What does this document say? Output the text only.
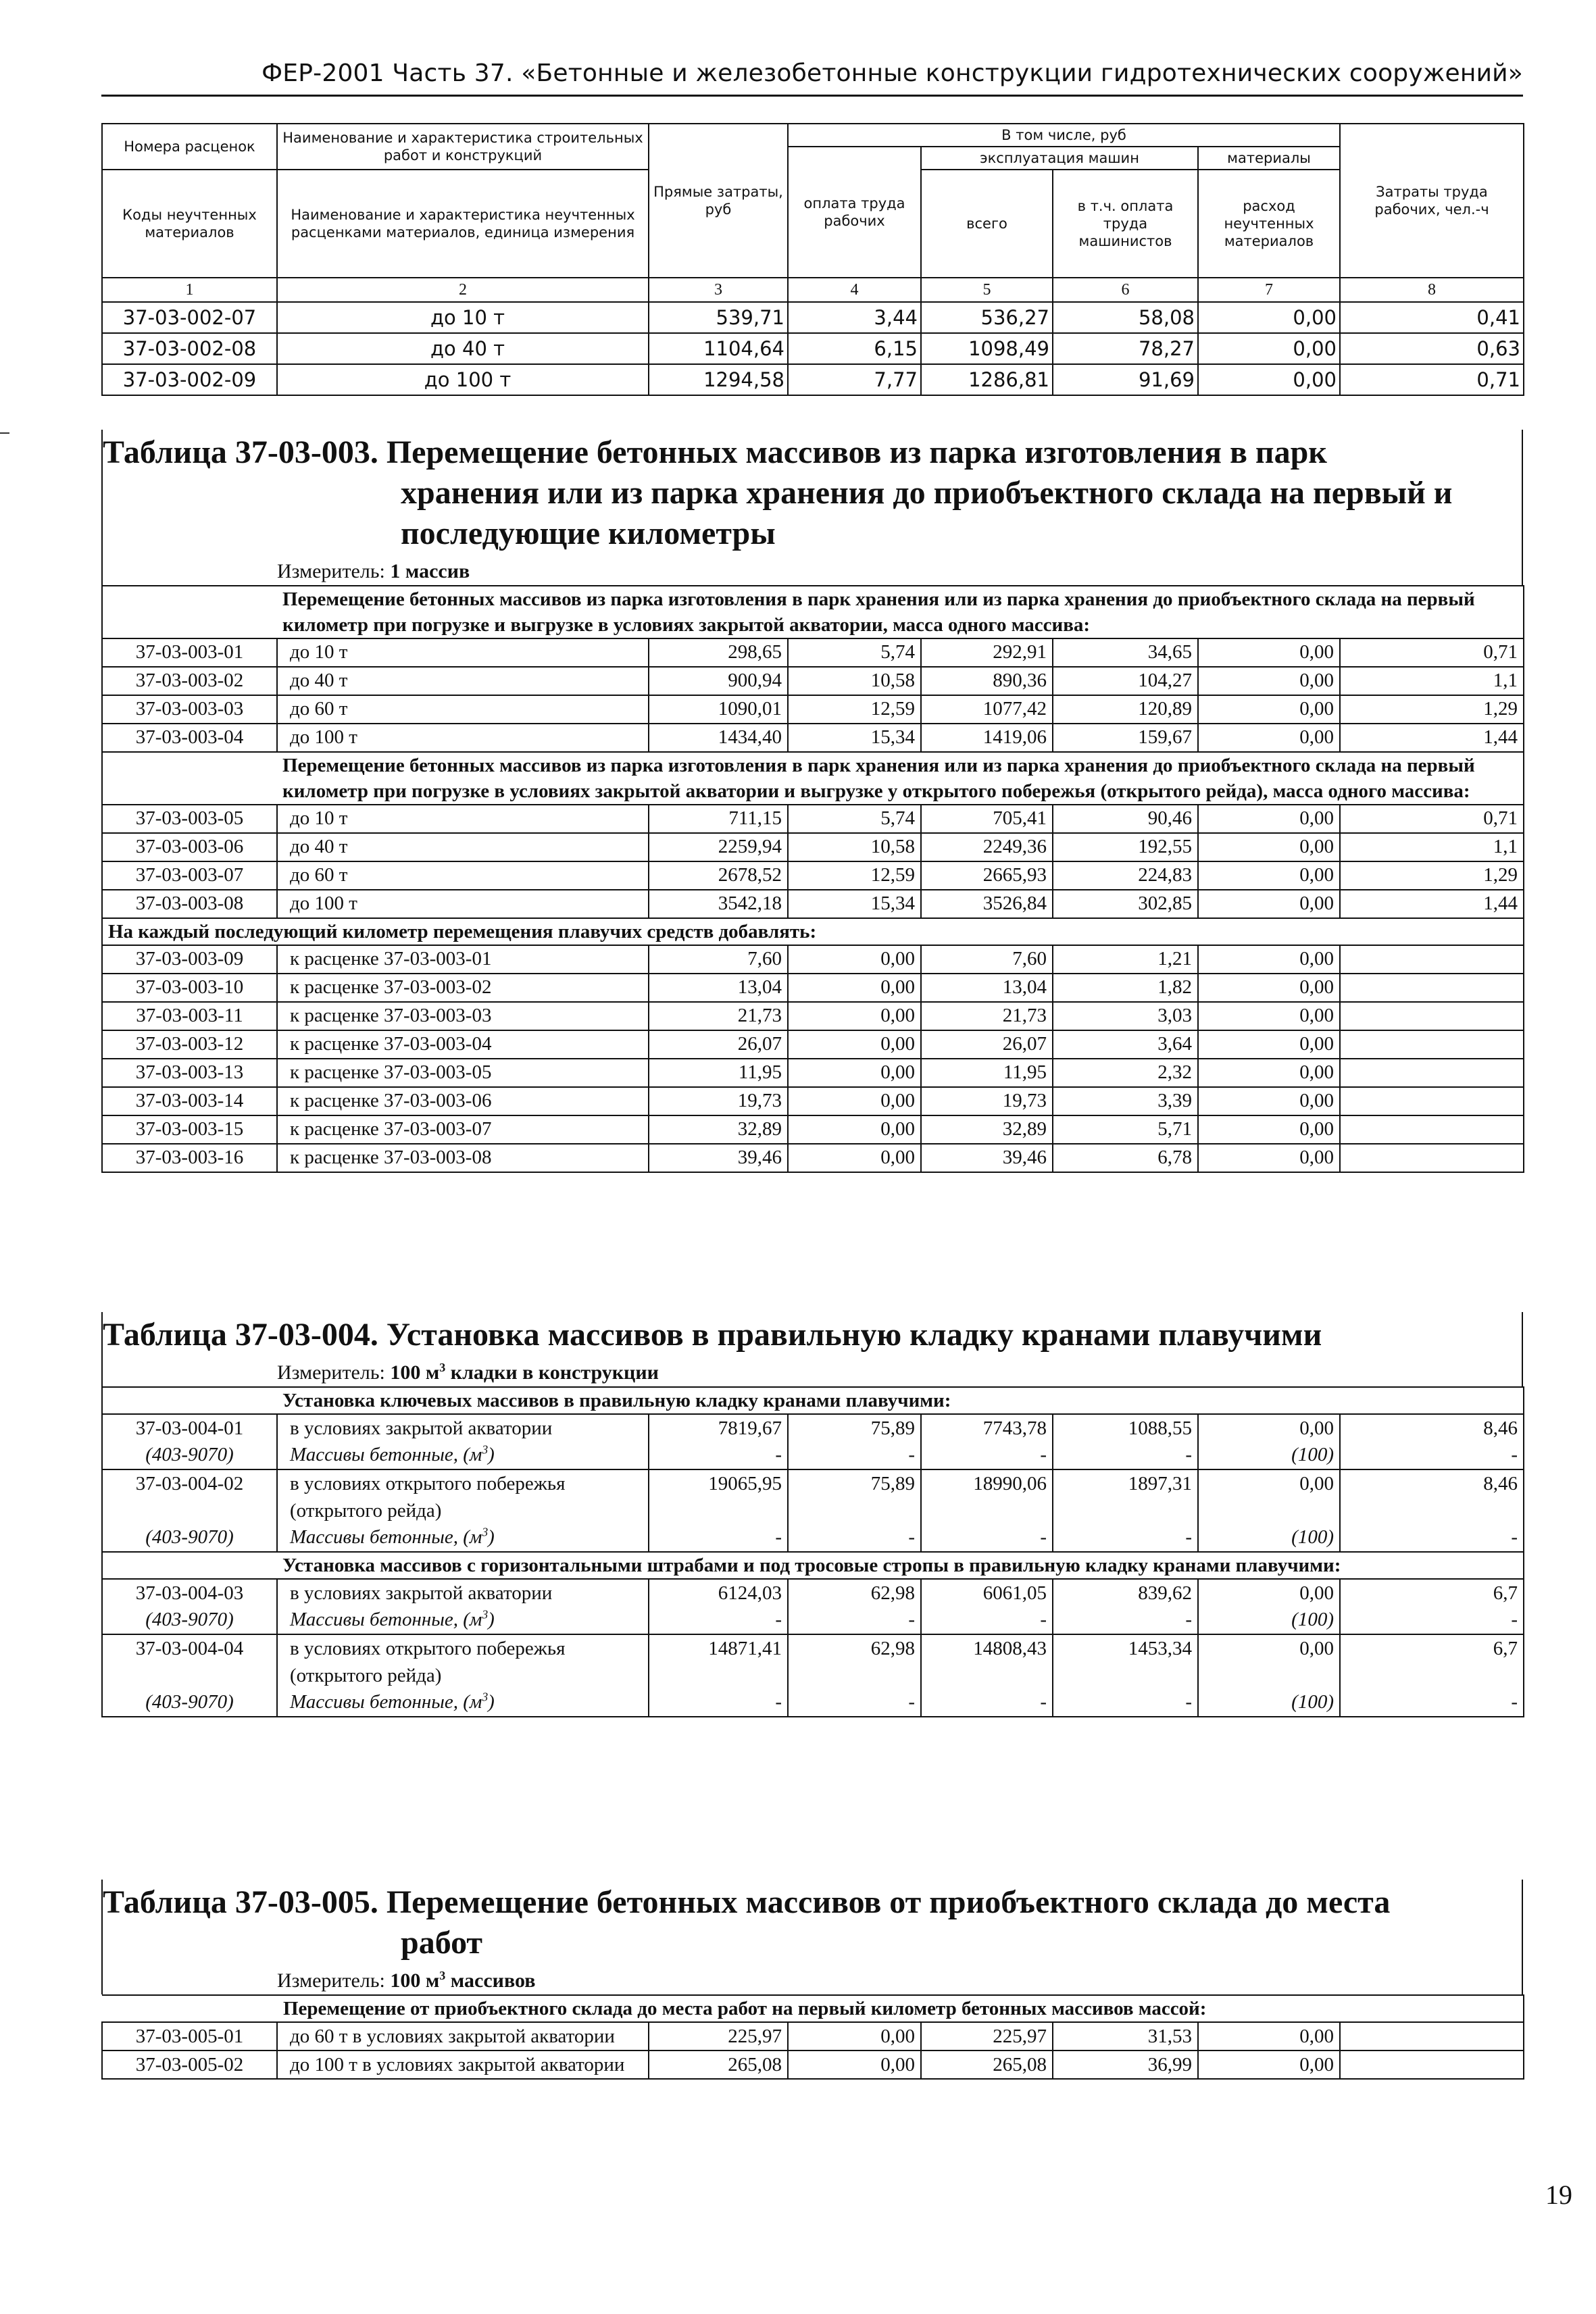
ФЕР-2001 Часть 37. «Бетонные и железобетонные конструкции гидротехнических сооружений»
Номера расценок	Наименование и характеристика строительных работ и конструкций	Прямые затраты, руб	В том числе, руб				Затраты труда рабочих, чел.-ч
			оплата труда рабочих	эксплуатация машин		материалы	
Коды неучтенных материалов	Наименование и характеристика неучтенных расценками материалов, единица измерения			всего	в т.ч. оплата труда машинистов	расход неучтенных материалов	

1	2	3	4	5	6	7	8
37-03-002-07	до 10 т	539,71	3,44	536,27	58,08	0,00	0,41
37-03-002-08	до 40 т	1104,64	6,15	1098,49	78,27	0,00	0,63
37-03-002-09	до 100 т	1294,58	7,77	1286,81	91,69	0,00	0,71

Таблица 37-03-003. Перемещение бетонных массивов из парка изготовления в парк

хранения или из парка хранения до приобъектного склада на первый и

последующие километры

Измеритель: 1 массив
	Перемещение бетонных массивов из парка изготовления в парк хранения или из парка хранения до приобъектного склада на первый километр при погрузке и выгрузке в условиях закрытой акватории, масса одного массива:						
37-03-003-01	до 10 т	298,65	5,74	292,91	34,65	0,00	0,71
37-03-003-02	до 40 т	900,94	10,58	890,36	104,27	0,00	1,1
37-03-003-03	до 60 т	1090,01	12,59	1077,42	120,89	0,00	1,29
37-03-003-04	до 100 т	1434,40	15,34	1419,06	159,67	0,00	1,44
	Перемещение бетонных массивов из парка изготовления в парк хранения или из парка хранения до приобъектного склада на первый километр при погрузке в условиях закрытой акватории и выгрузке у открытого побережья (открытого рейда), масса одного массива:						
37-03-003-05	до 10 т	711,15	5,74	705,41	90,46	0,00	0,71
37-03-003-06	до 40 т	2259,94	10,58	2249,36	192,55	0,00	1,1
37-03-003-07	до 60 т	2678,52	12,59	2665,93	224,83	0,00	1,29
37-03-003-08	до 100 т	3542,18	15,34	3526,84	302,85	0,00	1,44
На каждый последующий километр перемещения плавучих средств добавлять:							
37-03-003-09	к расценке 37-03-003-01	7,60	0,00	7,60	1,21	0,00	
37-03-003-10	к расценке 37-03-003-02	13,04	0,00	13,04	1,82	0,00	
37-03-003-11	к расценке 37-03-003-03	21,73	0,00	21,73	3,03	0,00	
37-03-003-12	к расценке 37-03-003-04	26,07	0,00	26,07	3,64	0,00	
37-03-003-13	к расценке 37-03-003-05	11,95	0,00	11,95	2,32	0,00	
37-03-003-14	к расценке 37-03-003-06	19,73	0,00	19,73	3,39	0,00	
37-03-003-15	к расценке 37-03-003-07	32,89	0,00	32,89	5,71	0,00	
37-03-003-16	к расценке 37-03-003-08	39,46	0,00	39,46	6,78	0,00	

Таблица 37-03-004. Установка массивов в правильную кладку кранами плавучими

Измеритель: 100 $м^3$ кладки в конструкции
	Установка ключевых массивов в правильную кладку кранами плавучими:						
37-03-004-01	в условиях закрытой акватории	7819,67	75,89	7743,78	1088,55	0,00	8,46
(403-9070)	Массивы бетонные, $(м^3)$	-	-	-	-	(100)	-
37-03-004-02	в условиях открытого побережья (открытого рейда)	19065,95	75,89	18990,06	1897,31	0,00	8,46
(403-9070)	Массивы бетонные, $(м^3)$	-	-	-	-	(100)	-
	Установка массивов с горизонтальными штрабами и под тросовые стропы в правильную кладку кранами плавучими:						
37-03-004-03	в условиях закрытой акватории	6124,03	62,98	6061,05	839,62	0,00	6,7
(403-9070)	Массивы бетонные, $(м^3)$	-	-	-	-	(100)	-
37-03-004-04	в условиях открытого побережья (открытого рейда)	14871,41	62,98	14808,43	1453,34	0,00	6,7
(403-9070)	Массивы бетонные, $(м^3)$	-	-	-	-	(100)	-

Таблица 37-03-005. Перемещение бетонных массивов от приобъектного склада до места

работ

Измеритель: 100 $м^3$ массивов
Перемещение от приобъектного склада до места работ на первый километр бетонных массивов массой:							
37-03-005-01	до 60 т в условиях закрытой акватории	225,97	0,00	225,97	31,53	0,00	
37-03-005-02	до 100 т в условиях закрытой акватории	265,08	0,00	265,08	36,99	0,00	
19
